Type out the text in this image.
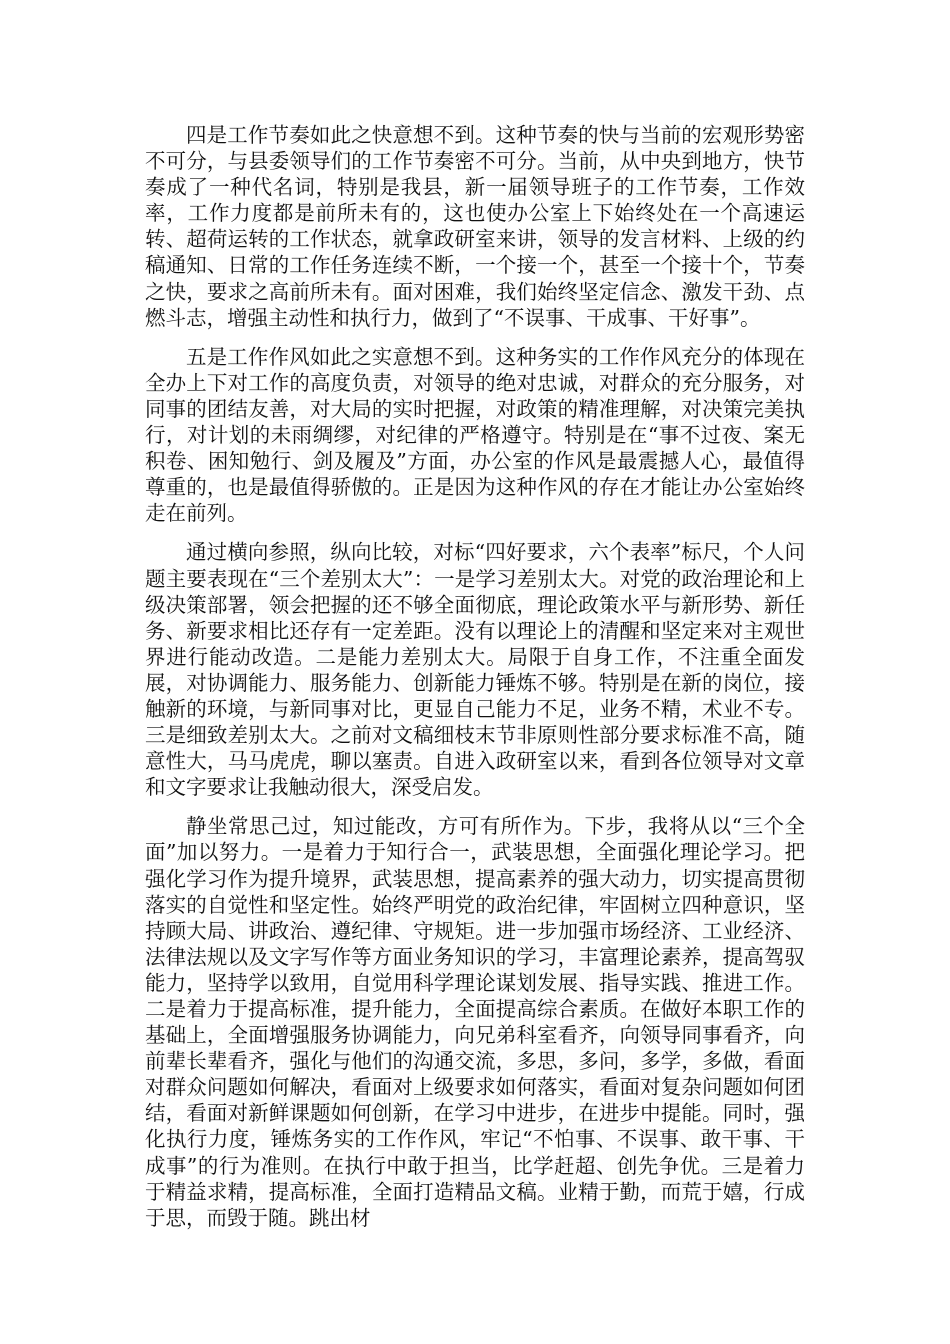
四是工作节奏如此之快意想不到。这种节奏的快与当前的宏观形势密不可分，与县委领导们的工作节奏密不可分。当前，从中央到地方，快节奏成了一种代名词，特别是我县，新一届领导班子的工作节奏，工作效率，工作力度都是前所未有的，这也使办公室上下始终处在一个高速运转、超荷运转的工作状态，就拿政研室来讲，领导的发言材料、上级的约稿通知、日常的工作任务连续不断，一个接一个，甚至一个接十个，节奏之快，要求之高前所未有。面对困难，我们始终坚定信念、激发干劲、点燃斗志，增强主动性和执行力，做到了“不误事、干成事、干好事”。

五是工作作风如此之实意想不到。这种务实的工作作风充分的体现在全办上下对工作的高度负责，对领导的绝对忠诚，对群众的充分服务，对同事的团结友善，对大局的实时把握，对政策的精准理解，对决策完美执行，对计划的未雨绸缪，对纪律的严格遵守。特别是在“事不过夜、案无积卷、困知勉行、剑及履及”方面，办公室的作风是最震撼人心，最值得尊重的，也是最值得骄傲的。正是因为这种作风的存在才能让办公室始终走在前列。

通过横向参照，纵向比较，对标“四好要求，六个表率”标尺，个人问题主要表现在“三个差别太大”：一是学习差别太大。对党的政治理论和上级决策部署，领会把握的还不够全面彻底，理论政策水平与新形势、新任务、新要求相比还存有一定差距。没有以理论上的清醒和坚定来对主观世界进行能动改造。二是能力差别太大。局限于自身工作，不注重全面发展，对协调能力、服务能力、创新能力锤炼不够。特别是在新的岗位，接触新的环境，与新同事对比，更显自己能力不足，业务不精，术业不专。三是细致差别太大。之前对文稿细枝末节非原则性部分要求标准不高，随意性大，马马虎虎，聊以塞责。自进入政研室以来，看到各位领导对文章和文字要求让我触动很大，深受启发。

静坐常思己过，知过能改，方可有所作为。下步，我将从以“三个全面”加以努力。一是着力于知行合一，武装思想，全面强化理论学习。把强化学习作为提升境界，武装思想，提高素养的强大动力，切实提高贯彻落实的自觉性和坚定性。始终严明党的政治纪律，牢固树立四种意识，坚持顾大局、讲政治、遵纪律、守规矩。进一步加强市场经济、工业经济、法律法规以及文字写作等方面业务知识的学习，丰富理论素养，提高驾驭能力，坚持学以致用，自觉用科学理论谋划发展、指导实践、推进工作。二是着力于提高标准，提升能力，全面提高综合素质。在做好本职工作的基础上，全面增强服务协调能力，向兄弟科室看齐，向领导同事看齐，向前辈长辈看齐，强化与他们的沟通交流，多思，多问，多学，多做，看面对群众问题如何解决，看面对上级要求如何落实，看面对复杂问题如何团结，看面对新鲜课题如何创新，在学习中进步，在进步中提能。同时，强化执行力度，锤炼务实的工作作风，牢记“不怕事、不误事、敢干事、干成事”的行为准则。在执行中敢于担当，比学赶超、创先争优。三是着力于精益求精，提高标准，全面打造精品文稿。业精于勤，而荒于嬉，行成于思，而毁于随。跳出材
